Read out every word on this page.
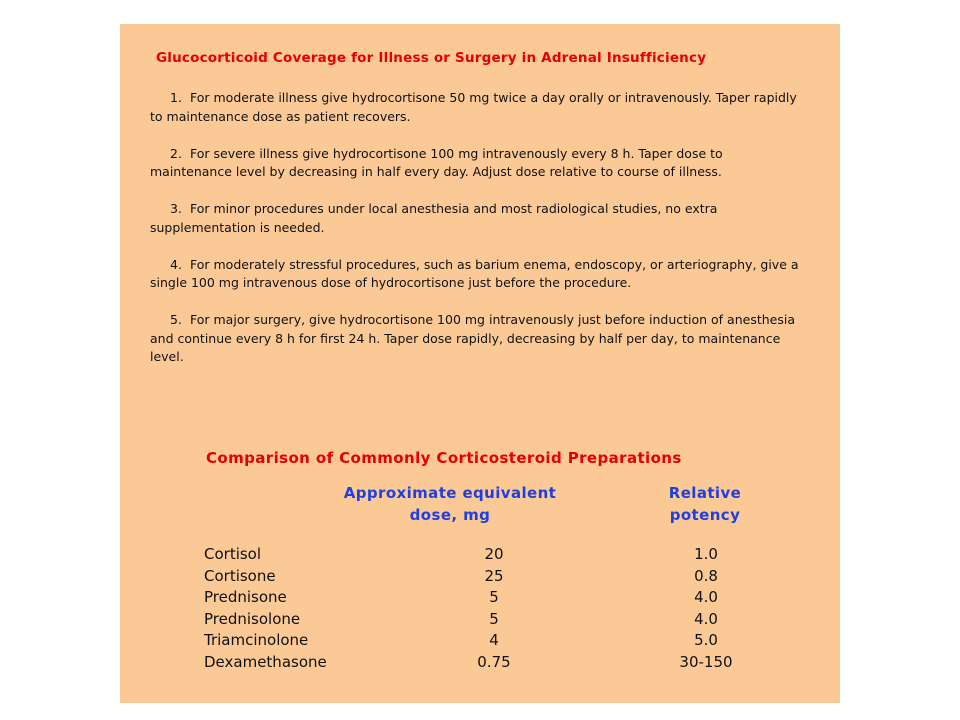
Glucocorticoid Coverage for Illness or Surgery in Adrenal Insufficiency

1. For moderate illness give hydrocortisone 50 mg twice a day orally or intravenously. Taper rapidly to maintenance dose as patient recovers.

2. For severe illness give hydrocortisone 100 mg intravenously every 8 h. Taper dose to maintenance level by decreasing in half every day. Adjust dose relative to course of illness.

3. For minor procedures under local anesthesia and most radiological studies, no extra supplementation is needed.

4. For moderately stressful procedures, such as barium enema, endoscopy, or arteriography, give a single 100 mg intravenous dose of hydrocortisone just before the procedure.

5. For major surgery, give hydrocortisone 100 mg intravenously just before induction of anesthesia and continue every 8 h for first 24 h. Taper dose rapidly, decreasing by half per day, to maintenance level.

Comparison of Commonly Corticosteroid Preparations
Approximate equivalent
dose, mg
Relative
potency
Cortisol	20	1.0
Cortisone	25	0.8
Prednisone	5	4.0
Prednisolone	5	4.0
Triamcinolone	4	5.0
Dexamethasone	0.75	30-150
